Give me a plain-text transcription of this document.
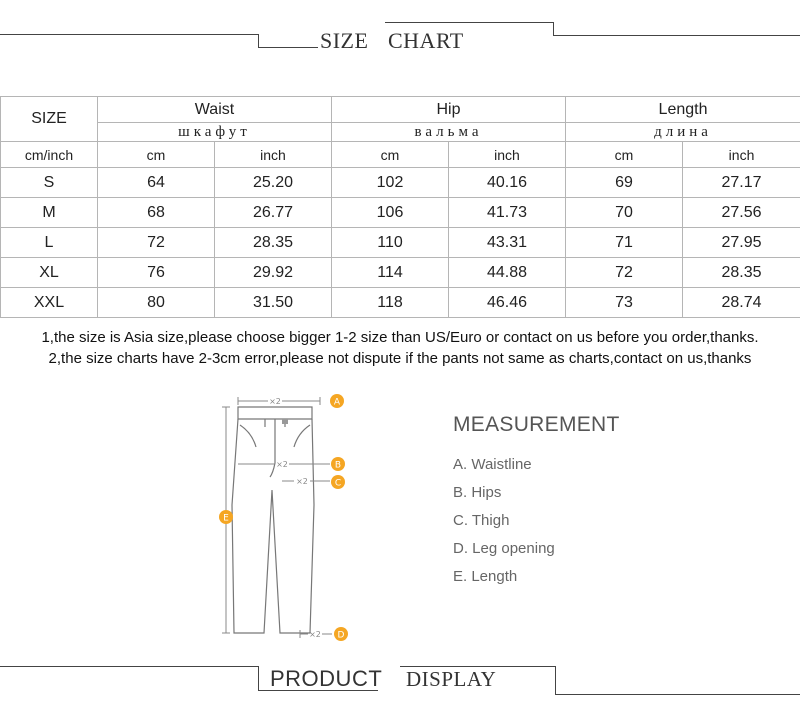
SIZE CHART
SIZE	Waist		Hip		Length	
	шкафут		вальма		длина	
cm/inch	cm	inch	cm	inch	cm	inch
S	64	25.20	102	40.16	69	27.17
M	68	26.77	106	41.73	70	27.56
L	72	28.35	110	43.31	71	27.95
XL	76	29.92	114	44.88	72	28.35
XXL	80	31.50	118	46.46	73	28.74
1,the size is Asia size,please choose bigger 1-2 size than US/Euro or contact on us before you order,thanks.
2,the size charts have 2-3cm error,please not dispute if the pants not same as charts,contact on us,thanks
×2	A
×2	B
×2	C
E
×2 D
MEASUREMENT
A. Waistline
B. Hips
C. Thigh
D. Leg opening
E. Length
PRODUCT DISPLAY
